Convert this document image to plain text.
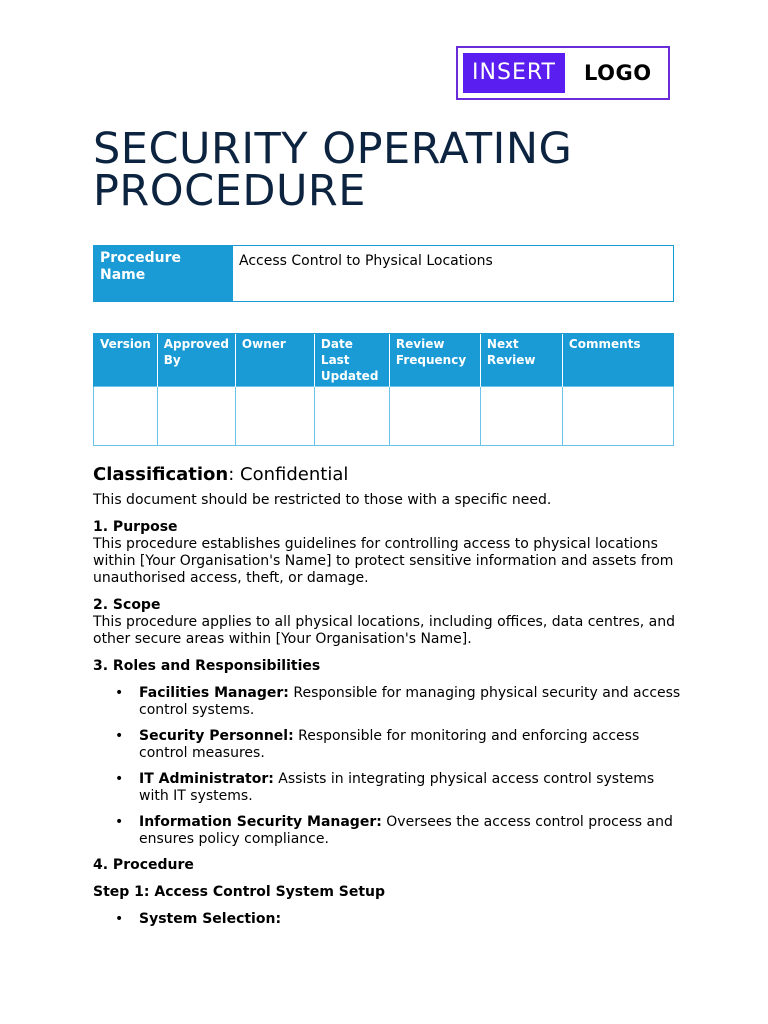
INSERT	LOGO
SECURITY OPERATING PROCEDURE
Procedure Name	Access Control to Physical Locations
Version	Approved By	Owner	Date Last Updated	Review Frequency	Next Review	Comments

Classification: Confidential

This document should be restricted to those with a specific need.

1. Purpose
This procedure establishes guidelines for controlling access to physical locations within [Your Organisation's Name] to protect sensitive information and assets from unauthorised access, theft, or damage.

2. Scope
This procedure applies to all physical locations, including offices, data centres, and other secure areas within [Your Organisation's Name].

3. Roles and Responsibilities

• Facilities Manager: Responsible for managing physical security and access control systems.
• Security Personnel: Responsible for monitoring and enforcing access control measures.
• IT Administrator: Assists in integrating physical access control systems with IT systems.
• Information Security Manager: Oversees the access control process and ensures policy compliance.

4. Procedure

Step 1: Access Control System Setup

• System Selection:
